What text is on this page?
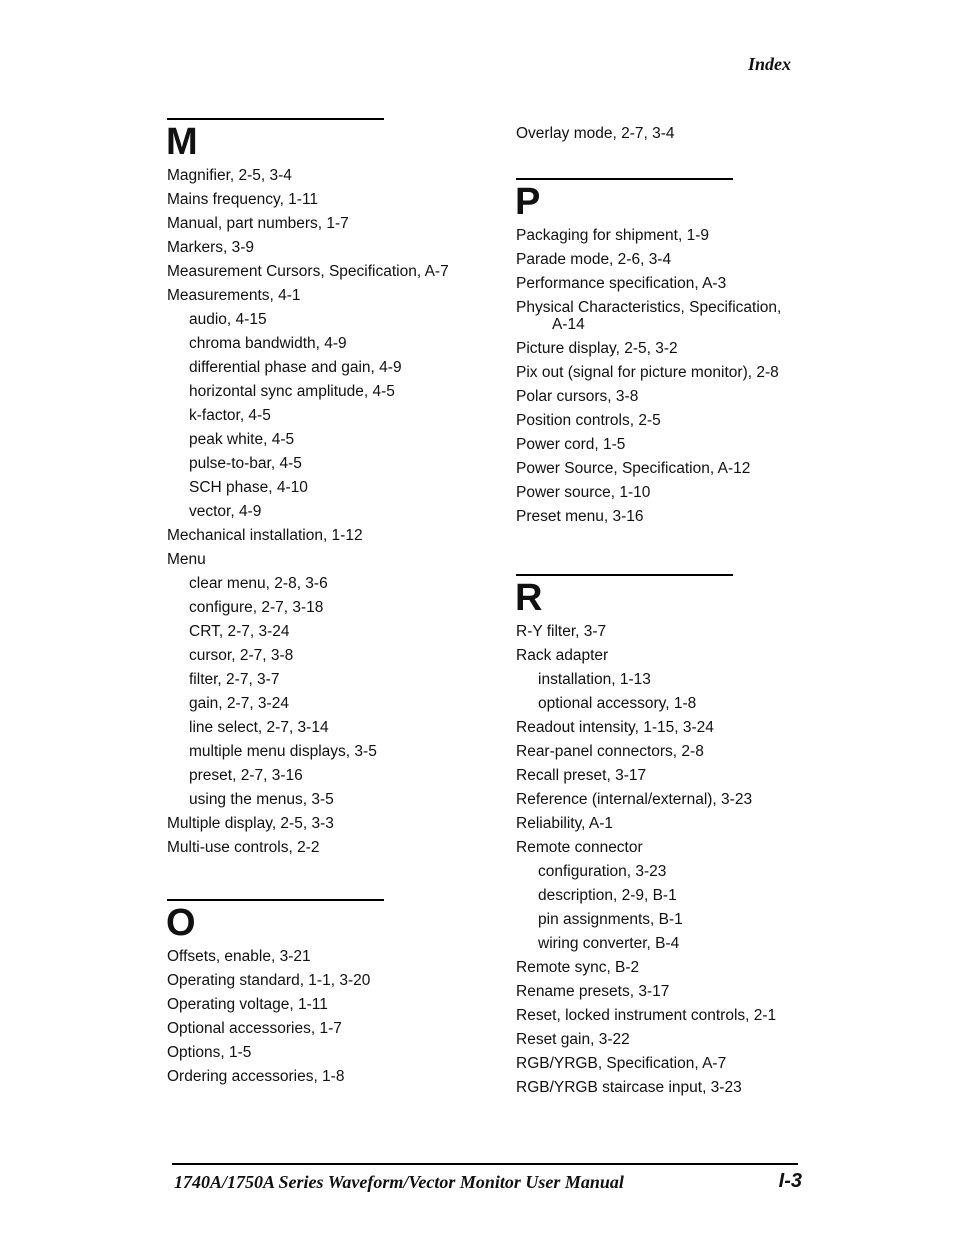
Index
M
Magnifier, 2-5, 3-4
Mains frequency, 1-11
Manual, part numbers, 1-7
Markers, 3-9
Measurement Cursors, Specification, A-7
Measurements, 4-1
audio, 4-15
chroma bandwidth, 4-9
differential phase and gain, 4-9
horizontal sync amplitude, 4-5
k-factor, 4-5
peak white, 4-5
pulse-to-bar, 4-5
SCH phase, 4-10
vector, 4-9
Mechanical installation, 1-12
Menu
clear menu, 2-8, 3-6
configure, 2-7, 3-18
CRT, 2-7, 3-24
cursor, 2-7, 3-8
filter, 2-7, 3-7
gain, 2-7, 3-24
line select, 2-7, 3-14
multiple menu displays, 3-5
preset, 2-7, 3-16
using the menus, 3-5
Multiple display, 2-5, 3-3
Multi-use controls, 2-2
O
Offsets, enable, 3-21
Operating standard, 1-1, 3-20
Operating voltage, 1-11
Optional accessories, 1-7
Options, 1-5
Ordering accessories, 1-8
Overlay mode, 2-7, 3-4
P
Packaging for shipment, 1-9
Parade mode, 2-6, 3-4
Performance specification, A-3
Physical Characteristics, Specification,
A-14
Picture display, 2-5, 3-2
Pix out (signal for picture monitor), 2-8
Polar cursors, 3-8
Position controls, 2-5
Power cord, 1-5
Power Source, Specification, A-12
Power source, 1-10
Preset menu, 3-16
R
R-Y filter, 3-7
Rack adapter
installation, 1-13
optional accessory, 1-8
Readout intensity, 1-15, 3-24
Rear-panel connectors, 2-8
Recall preset, 3-17
Reference (internal/external), 3-23
Reliability, A-1
Remote connector
configuration, 3-23
description, 2-9, B-1
pin assignments, B-1
wiring converter, B-4
Remote sync, B-2
Rename presets, 3-17
Reset, locked instrument controls, 2-1
Reset gain, 3-22
RGB/YRGB, Specification, A-7
RGB/YRGB staircase input, 3-23

1740A/1750A Series Waveform/Vector Monitor User Manual	I-3
